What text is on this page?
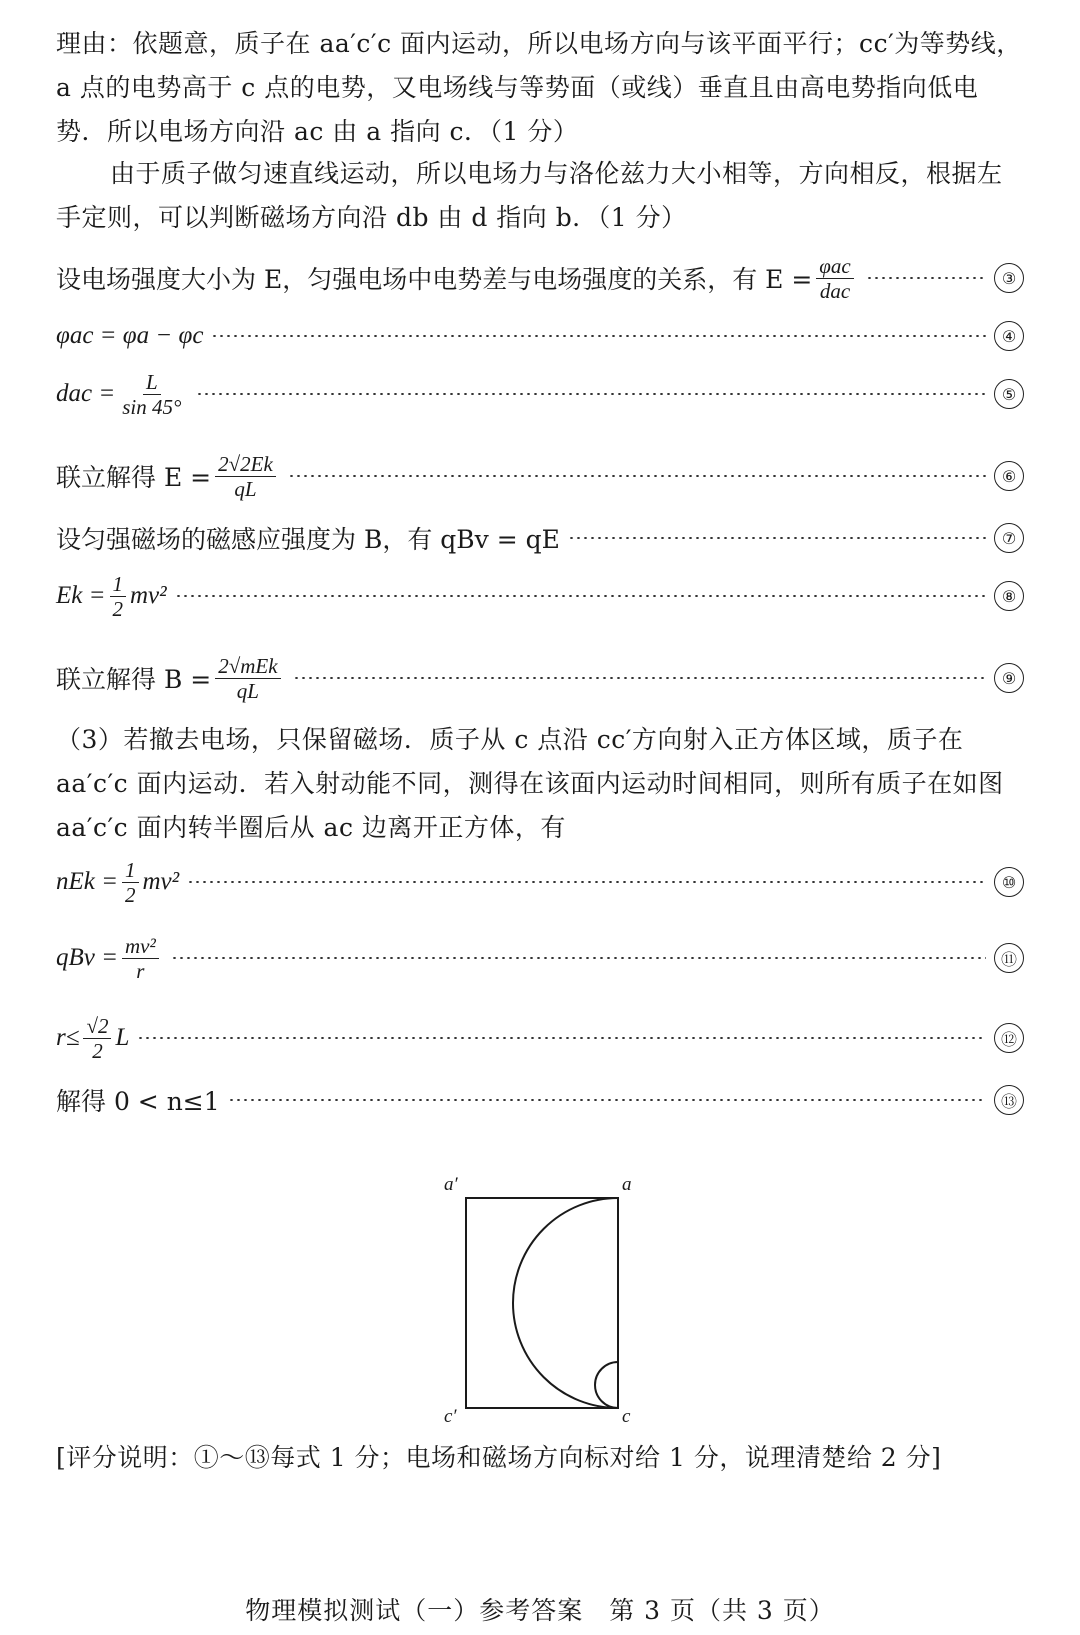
理由：依题意，质子在 aa′c′c 面内运动，所以电场方向与该平面平行；cc′为等势线，a 点的电势高于 c 点的电势，又电场线与等势面（或线）垂直且由高电势指向低电势．所以电场方向沿 ac 由 a 指向 c．（1 分）
由于质子做匀速直线运动，所以电场力与洛伦兹力大小相等，方向相反，根据左手定则，可以判断磁场方向沿 db 由 d 指向 b．（1 分）
设电场强度大小为 E，匀强电场中电势差与电场强度的关系，有 $E = \frac{\text{φac}}{\text{dac}}$	③
φac = φa − φc	④
dac = $\frac{L}{\sin 45^\circ}$	⑤
联立解得 $E = \frac{2√2Ek}{qL}$	⑥
设匀强磁场的磁感应强度为 B，有 qBv = qE	⑦
$Ek = \frac{1}{2} mv^2$	⑧
联立解得 $B = \frac{\text{2√mEk}}{qL}$	⑨
（3）若撤去电场，只保留磁场．质子从 c 点沿 cc′方向射入正方体区域，质子在 aa′c′c 面内运动．若入射动能不同，测得在该面内运动时间相同，则所有质子在如图 aa′c′c 面内转半圈后从 ac 边离开正方体，有
nEk = $\frac{1}{2} mv^2$	⑩
qBv = $\frac{\text{mv²}}{r}$	⑪
$r\le \frac{√2}{2}$ L	⑫
解得 0 < n≤1	⑬
a′	a
c′	c
[评分说明：①～⑬每式 1 分；电场和磁场方向标对给 1 分，说理清楚给 2 分]
物理模拟测试（一）参考答案　第 3 页（共 3 页）
